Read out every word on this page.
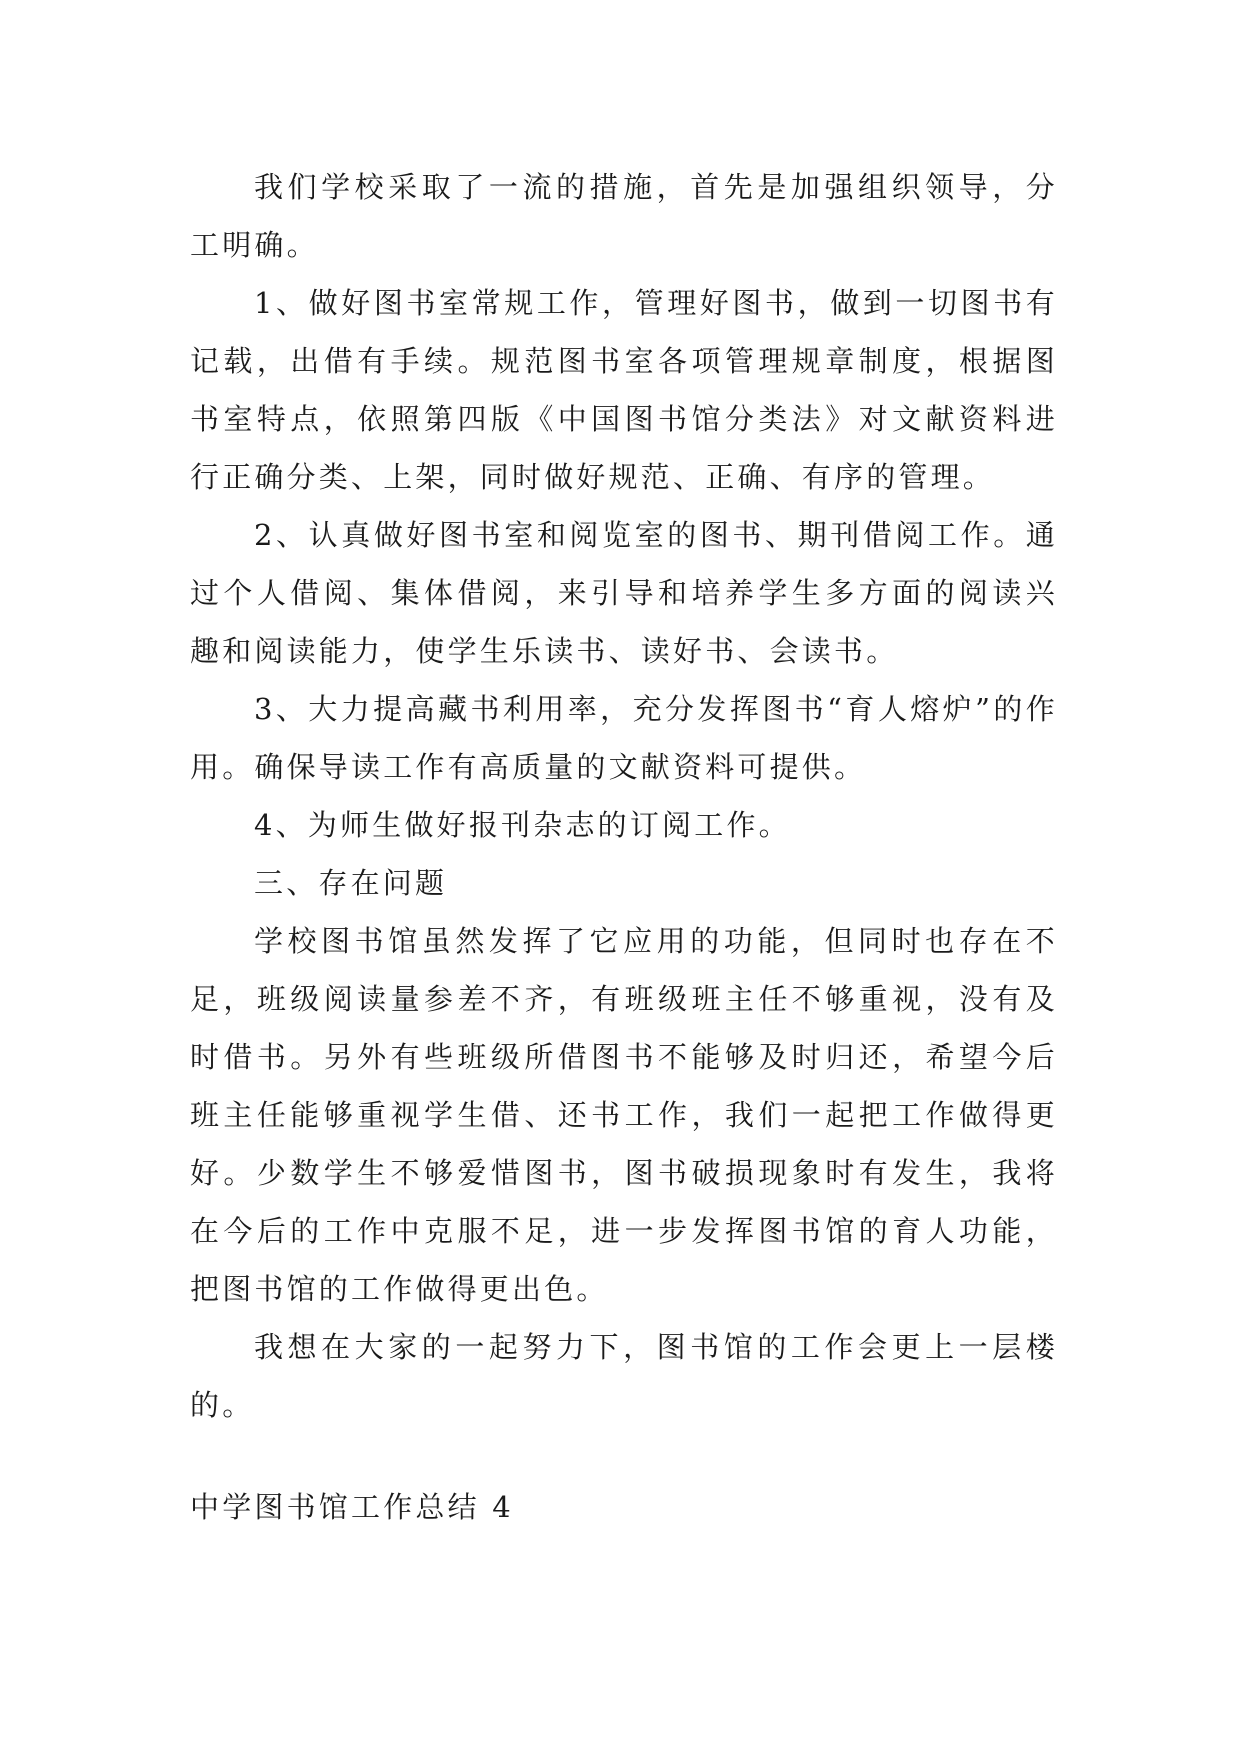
我们学校采取了一流的措施，首先是加强组织领导，分工明确。

1、做好图书室常规工作，管理好图书，做到一切图书有记载，出借有手续。规范图书室各项管理规章制度，根据图书室特点，依照第四版《中国图书馆分类法》对文献资料进行正确分类、上架，同时做好规范、正确、有序的管理。

2、认真做好图书室和阅览室的图书、期刊借阅工作。通过个人借阅、集体借阅，来引导和培养学生多方面的阅读兴趣和阅读能力，使学生乐读书、读好书、会读书。

3、大力提高藏书利用率，充分发挥图书“育人熔炉”的作用。确保导读工作有高质量的文献资料可提供。

4、为师生做好报刊杂志的订阅工作。

三、存在问题

学校图书馆虽然发挥了它应用的功能，但同时也存在不足，班级阅读量参差不齐，有班级班主任不够重视，没有及时借书。另外有些班级所借图书不能够及时归还，希望今后班主任能够重视学生借、还书工作，我们一起把工作做得更好。少数学生不够爱惜图书，图书破损现象时有发生，我将在今后的工作中克服不足，进一步发挥图书馆的育人功能，把图书馆的工作做得更出色。

我想在大家的一起努力下，图书馆的工作会更上一层楼的。

中学图书馆工作总结 4
